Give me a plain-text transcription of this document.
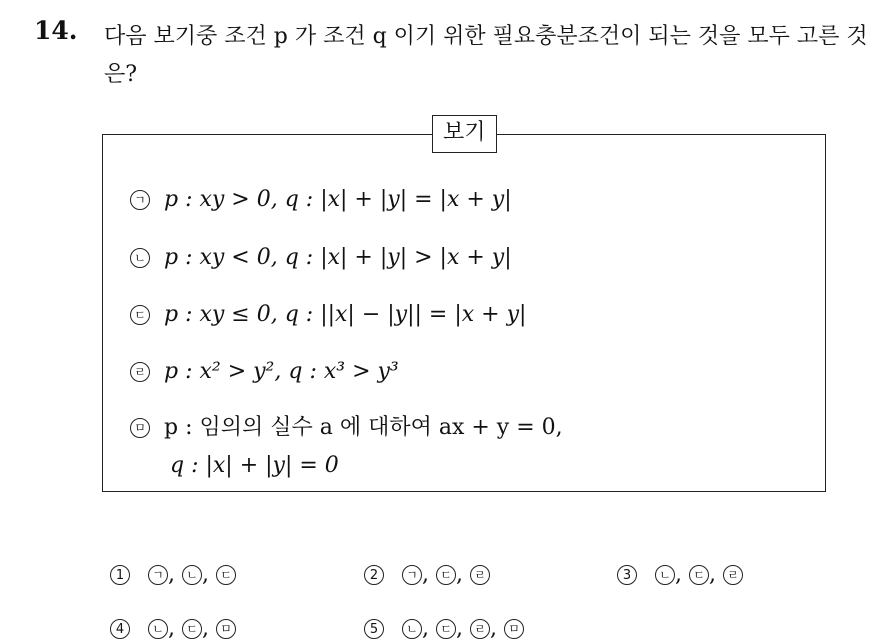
14. 다음 보기중 조건 p 가 조건 q 이기 위한 필요충분조건이 되는 것을 모두 고른 것은?
보기
ㄱ p : xy > 0, q : |x| + |y| = |x + y|
ㄴ p : xy < 0, q : |x| + |y| > |x + y|
ㄷ p : xy ≤ 0, q : ||x| − |y|| = |x + y|
ㄹ p : x² > y², q : x³ > y³
ㅁ p : 임의의 실수 a 에 대하여 ax + y = 0,
q : |x| + |y| = 0
1 ㄱ , ㄴ , ㄷ	2 ㄱ , ㄷ , ㄹ	3 ㄴ , ㄷ , ㄹ
4 ㄴ , ㄷ , ㅁ	5 ㄴ , ㄷ , ㄹ , ㅁ
